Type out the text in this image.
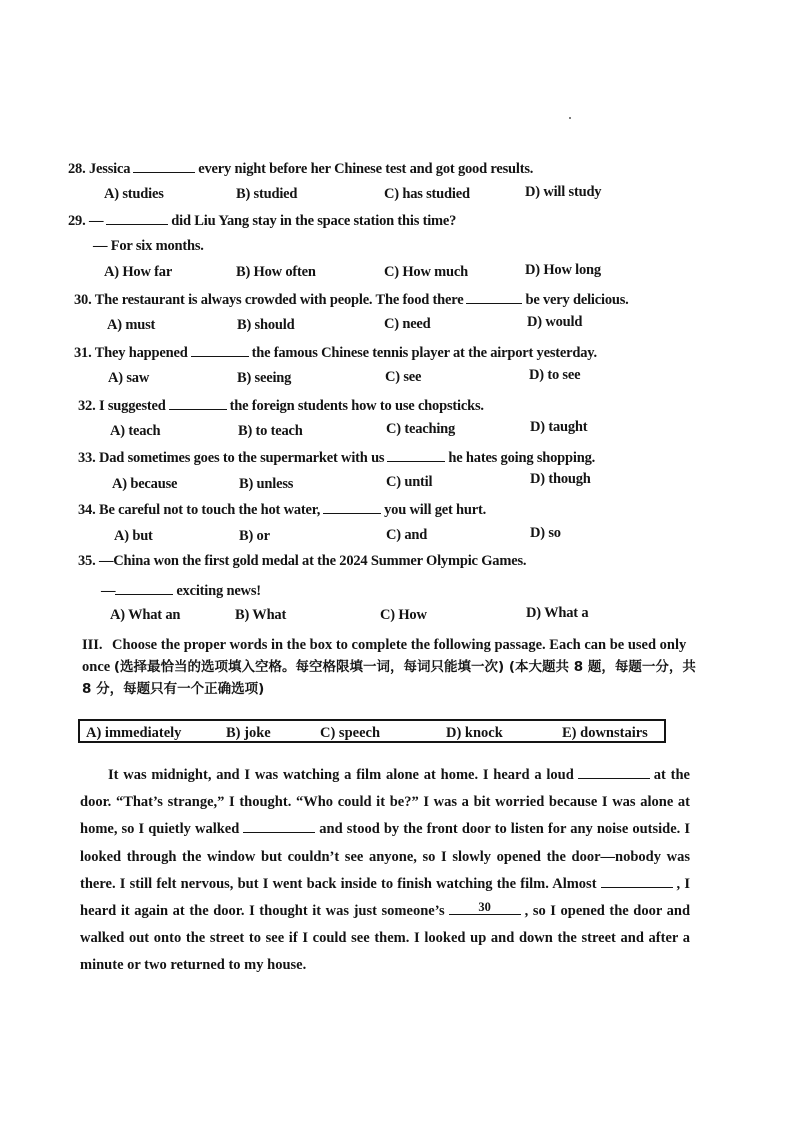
28. Jessica	every night before her Chinese test and got good results.
A) studies	B) studied	C) has studied	D) will study
29. —	did Liu Yang stay in the space station this time?
— For six months.
A) How far	B) How often	C) How much	D) How long
30. The restaurant is always crowded with people. The food there	be very delicious.
A) must	B) should	C) need	D) would
31. They happened	the famous Chinese tennis player at the airport yesterday.
A) saw	B) seeing	C) see	D) to see
32. I suggested	the foreign students how to use chopsticks.
A) teach	B) to teach	C) teaching	D) taught
33. Dad sometimes goes to the supermarket with us	he hates going shopping.
A) because	B) unless	C) until	D) though
34. Be careful not to touch the hot water,	you will get hurt.
A) but	B) or	C) and	D) so
35. —China won the first gold medal at the 2024 Summer Olympic Games.
—	exciting news!
A) What an	B) What	C) How	D) What a
III. Choose the proper words in the box to complete the following passage. Each can be used only once (选择最恰当的选项填入空格。每空格限填一词，每词只能填一次) (本大题共 8 题，每题一分，共 8 分，每题只有一个正确选项)
A) immediately	B) joke	C) speech	D) knock	E) downstairs
It was midnight, and I was watching a film alone at home. I heard a loud	at the door. “That’s strange,” I thought. “Who could it be?” I was a bit worried because I was alone at home, so I quietly walked	and stood by the front door to listen for any noise outside. I looked through the window but couldn’t see anyone, so I slowly opened the door—nobody was there. I still felt nervous, but I went back inside to finish watching the film. Almost	, I heard it again at the door. I thought it was just someone’s	30	, so I opened the door and walked out onto the street to see if I could see them. I looked up and down the street and after a minute or two returned to my house.
